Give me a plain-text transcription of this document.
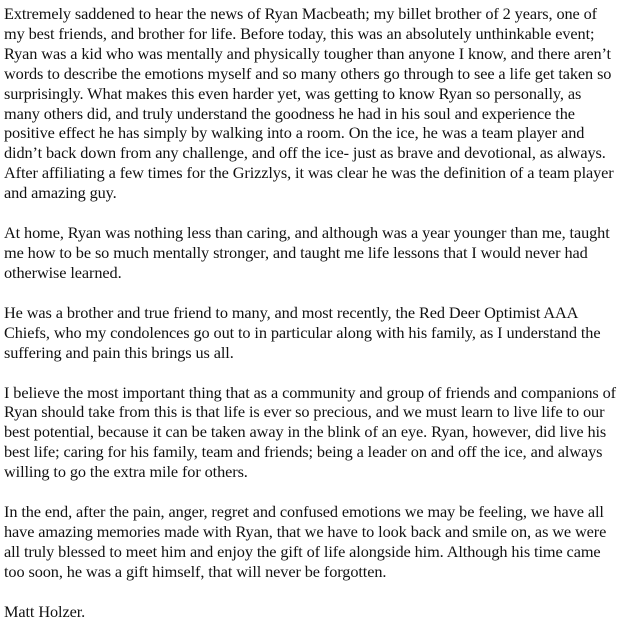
Extremely saddened to hear the news of Ryan Macbeath; my billet brother of 2 years, one of my best friends, and brother for life. Before today, this was an absolutely unthinkable event; Ryan was a kid who was mentally and physically tougher than anyone I know, and there aren’t words to describe the emotions myself and so many others go through to see a life get taken so surprisingly. What makes this even harder yet, was getting to know Ryan so personally, as many others did, and truly understand the goodness he had in his soul and experience the positive effect he has simply by walking into a room. On the ice, he was a team player and didn’t back down from any challenge, and off the ice- just as brave and devotional, as always. After affiliating a few times for the Grizzlys, it was clear he was the definition of a team player and amazing guy.

At home, Ryan was nothing less than caring, and although was a year younger than me, taught me how to be so much mentally stronger, and taught me life lessons that I would never had otherwise learned.

He was a brother and true friend to many, and most recently, the Red Deer Optimist AAA Chiefs, who my condolences go out to in particular along with his family, as I understand the suffering and pain this brings us all.

I believe the most important thing that as a community and group of friends and companions of Ryan should take from this is that life is ever so precious, and we must learn to live life to our best potential, because it can be taken away in the blink of an eye. Ryan, however, did live his best life; caring for his family, team and friends; being a leader on and off the ice, and always willing to go the extra mile for others.

In the end, after the pain, anger, regret and confused emotions we may be feeling, we have all have amazing memories made with Ryan, that we have to look back and smile on, as we were all truly blessed to meet him and enjoy the gift of life alongside him. Although his time came too soon, he was a gift himself, that will never be forgotten.

Matt Holzer.
